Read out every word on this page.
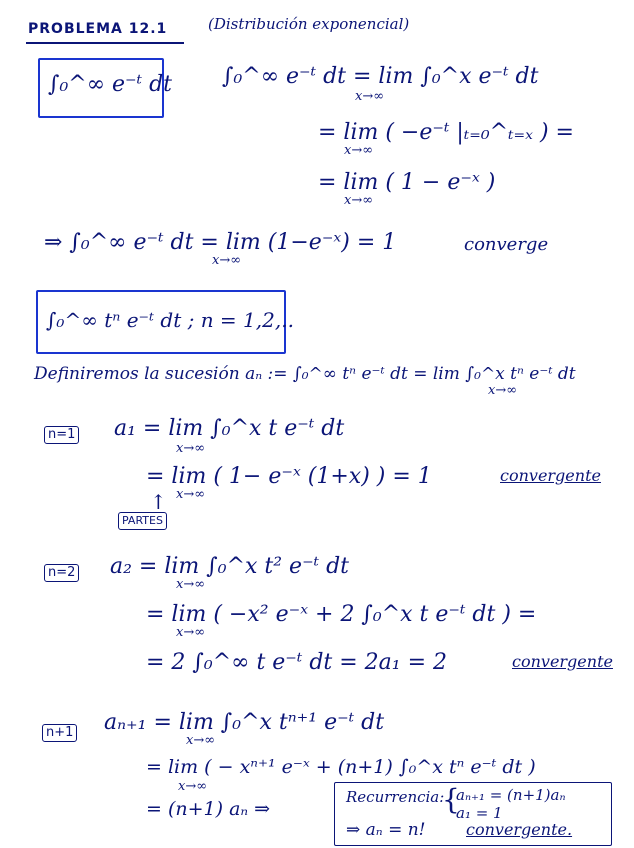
PROBLEMA 12.1	(Distribución exponencial)
∫₀^∞ e⁻ᵗ dt ∫₀^∞ e⁻ᵗ dt = lim ∫₀^x e⁻ᵗ dt
x→∞
= lim ( −e⁻ᵗ |ₜ₌₀^ₜ₌ₓ ) =
x→∞
= lim ( 1 − e⁻ˣ )
x→∞
⇒ ∫₀^∞ e⁻ᵗ dt = lim (1−e⁻ˣ) = 1
x→∞
converge
∫₀^∞ tⁿ e⁻ᵗ dt ; n = 1,2,..
Definiremos la sucesión aₙ := ∫₀^∞ tⁿ e⁻ᵗ dt = lim ∫₀^x tⁿ e⁻ᵗ dt
x→∞
n=1 a₁ = lim ∫₀^x t e⁻ᵗ dt
x→∞
= lim ( 1− e⁻ˣ (1+x) ) = 1
x→∞
convergente
↑
PARTES
n=2 a₂ = lim ∫₀^x t² e⁻ᵗ dt
x→∞
= lim ( −x² e⁻ˣ + 2 ∫₀^x t e⁻ᵗ dt ) =
x→∞
= 2 ∫₀^∞ t e⁻ᵗ dt = 2a₁ = 2	convergente
n+1 aₙ₊₁ = lim ∫₀^x tⁿ⁺¹ e⁻ᵗ dt
x→∞
= lim ( − xⁿ⁺¹ e⁻ˣ + (n+1) ∫₀^x tⁿ e⁻ᵗ dt )
x→∞
= (n+1) aₙ ⇒
Recurrencia:
{
aₙ₊₁ = (n+1)aₙ
a₁ = 1
⇒ aₙ = n!	convergente.
